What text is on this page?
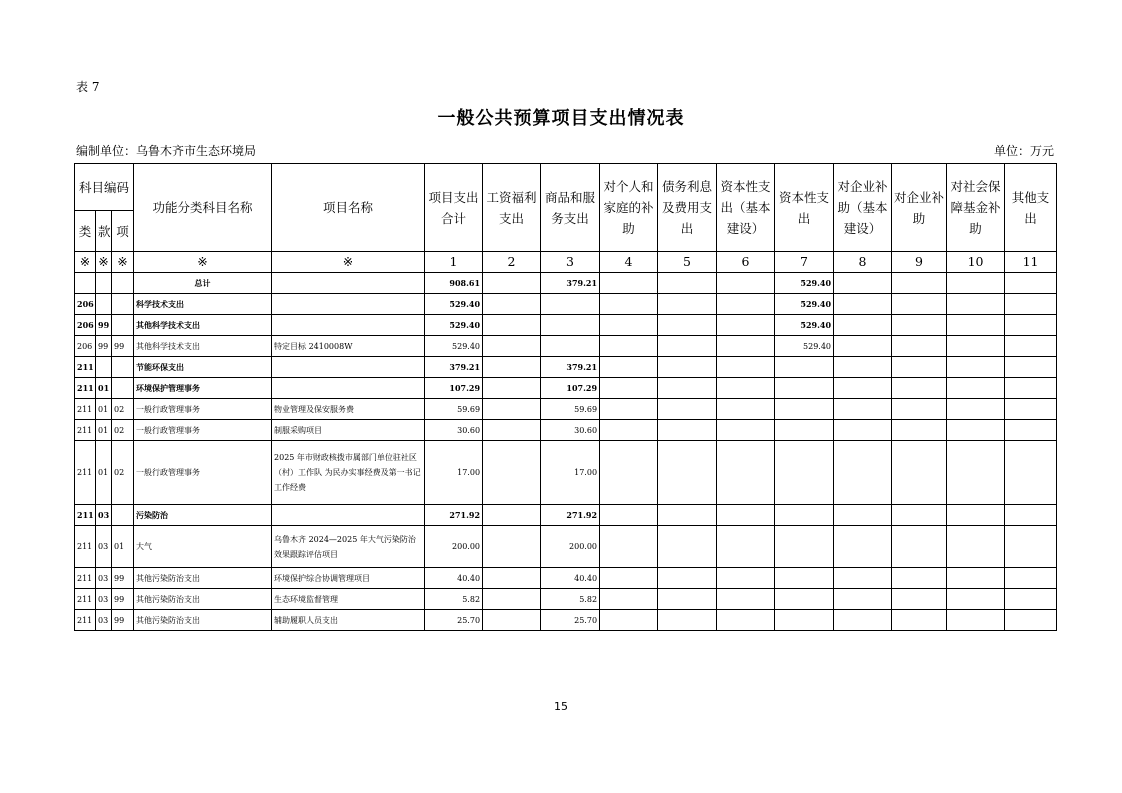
表 7
一般公共预算项目支出情况表
编制单位：乌鲁木齐市生态环境局	单位：万元
科目编码			功能分类科目名称	项目名称	项目支出合计	工资福利支出	商品和服务支出	对个人和家庭的补助	债务利息及费用支出	资本性支出（基本建设）	资本性支出	对企业补助（基本建设）	对企业补助	对社会保障基金补助	其他支出
类	款	项													
※	※	※	※	※	1	2	3	4	5	6	7	8	9	10	11
			总计		908.61		379.21				529.40				
206			科学技术支出		529.40						529.40				
206	99		其他科学技术支出		529.40						529.40				
206	99	99	其他科学技术支出	特定目标 2410008W	529.40						529.40				
211			节能环保支出		379.21		379.21								
211	01		环境保护管理事务		107.29		107.29								
211	01	02	一般行政管理事务	物业管理及保安服务费	59.69		59.69								
211	01	02	一般行政管理事务	制服采购项目	30.60		30.60								
211	01	02	一般行政管理事务	2025 年市财政核拨市属部门单位驻社区（村）工作队 为民办实事经费及第一书记工作经费	17.00		17.00								
211	03		污染防治		271.92		271.92								
211	03	01	大气	乌鲁木齐 2024—2025 年大气污染防治效果跟踪评估项目	200.00		200.00								
211	03	99	其他污染防治支出	环境保护综合协调管理项目	40.40		40.40								
211	03	99	其他污染防治支出	生态环境监督管理	5.82		5.82								
211	03	99	其他污染防治支出	辅助履职人员支出	25.70		25.70								
15
